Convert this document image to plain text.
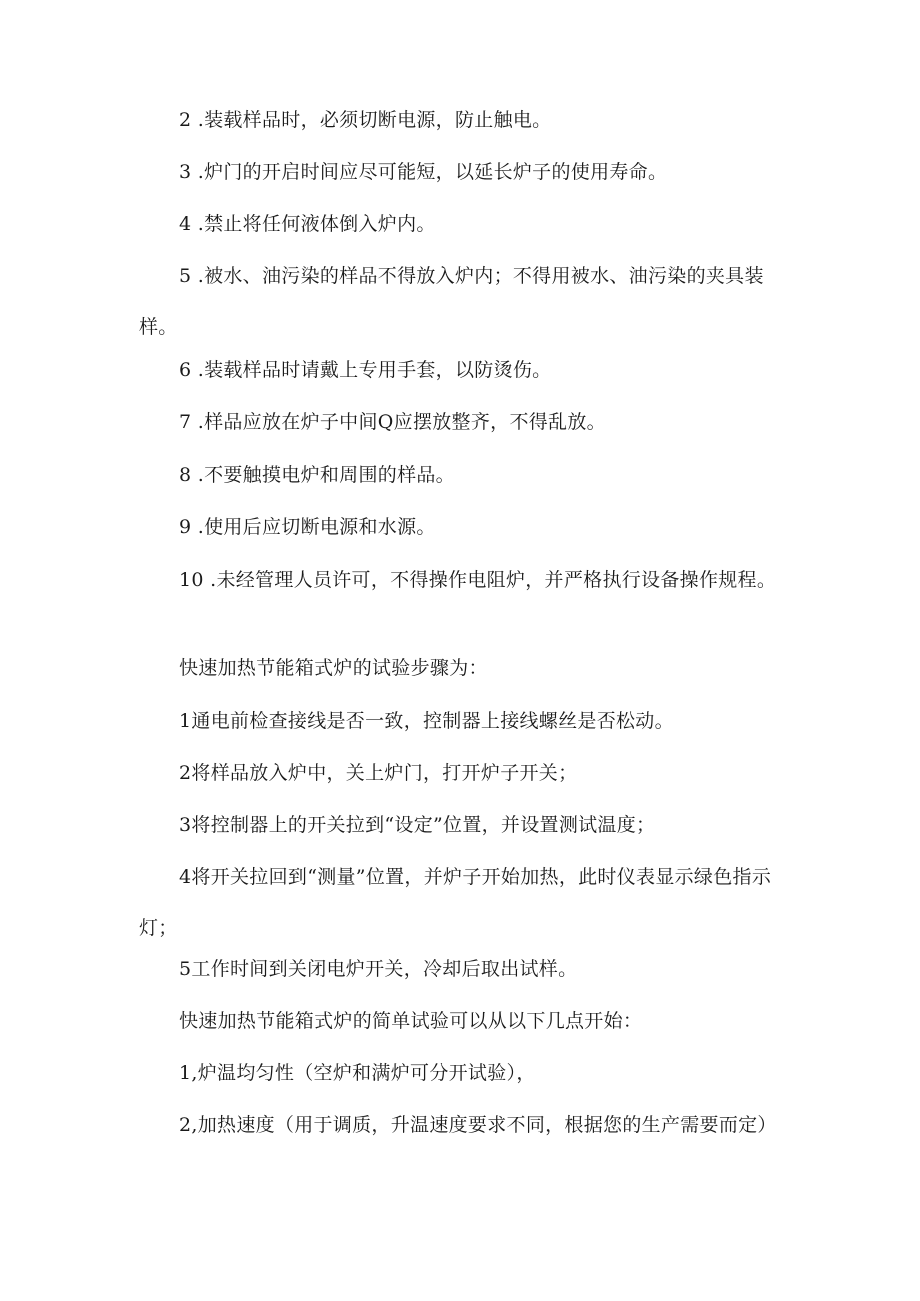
2 .装载样品时，必须切断电源，防止触电。

3 .炉门的开启时间应尽可能短，以延长炉子的使用寿命。

4 .禁止将任何液体倒入炉内。

5 .被水、油污染的样品不得放入炉内；不得用被水、油污染的夹具装样。

6 .装载样品时请戴上专用手套，以防烫伤。

7 .样品应放在炉子中间Q应摆放整齐，不得乱放。

8 .不要触摸电炉和周围的样品。

9 .使用后应切断电源和水源。

10 .未经管理人员许可，不得操作电阻炉，并严格执行设备操作规程。

快速加热节能箱式炉的试验步骤为：

1通电前检查接线是否一致，控制器上接线螺丝是否松动。

2将样品放入炉中，关上炉门，打开炉子开关；

3将控制器上的开关拉到“设定”位置，并设置测试温度；

4将开关拉回到“测量”位置，并炉子开始加热，此时仪表显示绿色指示灯；

5工作时间到关闭电炉开关，冷却后取出试样。

快速加热节能箱式炉的简单试验可以从以下几点开始：

1,炉温均匀性（空炉和满炉可分开试验），

2,加热速度（用于调质，升温速度要求不同，根据您的生产需要而定）
